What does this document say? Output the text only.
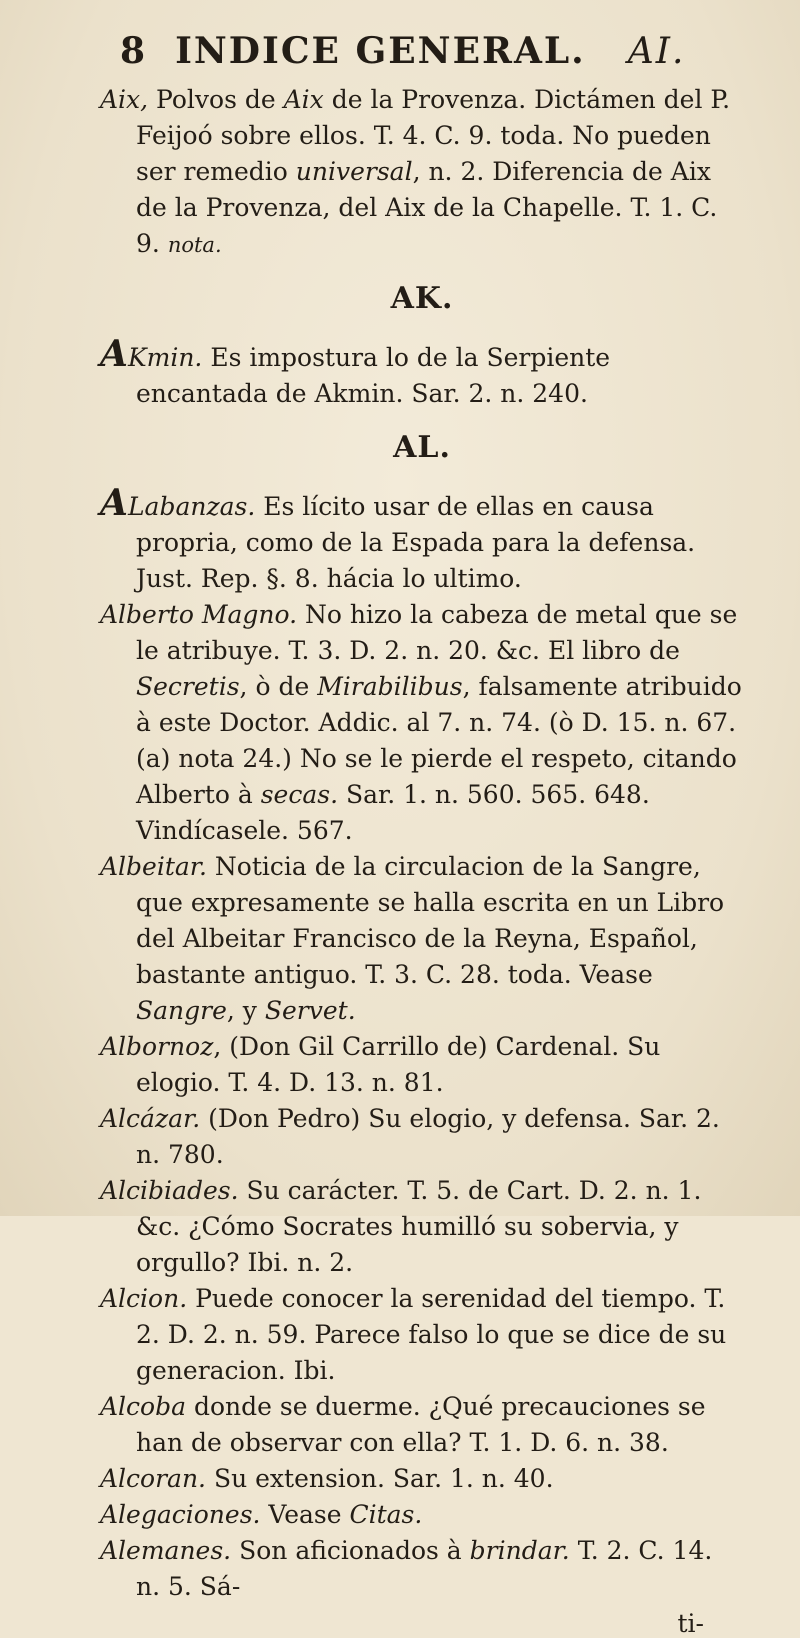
8 INDICE GENERAL. AI.

Aix, Polvos de Aix de la Provenza. Dictámen del P. Feijoó sobre ellos. T. 4. C. 9. toda. No pueden ser remedio universal, n. 2. Diferencia de Aix de la Provenza, del Aix de la Chapelle. T. 1. C. 9. nota.

AK.

AKmin. Es impostura lo de la Serpiente encantada de Akmin. Sar. 2. n. 240.

AL.

ALabanzas. Es lícito usar de ellas en causa propria, como de la Espada para la defensa. Just. Rep. §. 8. hácia lo ultimo.

Alberto Magno. No hizo la cabeza de metal que se le atribuye. T. 3. D. 2. n. 20. &c. El libro de Secretis, ò de Mirabilibus, falsamente atribuido à este Doctor. Addic. al 7. n. 74. (ò D. 15. n. 67. (a) nota 24.) No se le pierde el respeto, citando Alberto à secas. Sar. 1. n. 560. 565. 648. Vindícasele. 567.

Albeitar. Noticia de la circulacion de la Sangre, que expresamente se halla escrita en un Libro del Albeitar Francisco de la Reyna, Español, bastante antiguo. T. 3. C. 28. toda. Vease Sangre, y Servet.

Albornoz, (Don Gil Carrillo de) Cardenal. Su elogio. T. 4. D. 13. n. 81.

Alcázar. (Don Pedro) Su elogio, y defensa. Sar. 2. n. 780.

Alcibiades. Su carácter. T. 5. de Cart. D. 2. n. 1. &c. ¿Cómo Socrates humilló su sobervia, y orgullo? Ibi. n. 2.

Alcion. Puede conocer la serenidad del tiempo. T. 2. D. 2. n. 59. Parece falso lo que se dice de su generacion. Ibi.

Alcoba donde se duerme. ¿Qué precauciones se han de observar con ella? T. 1. D. 6. n. 38.

Alcoran. Su extension. Sar. 1. n. 40.

Alegaciones. Vease Citas.

Alemanes. Son aficionados à brindar. T. 2. C. 14. n. 5. Sá-

ti-
